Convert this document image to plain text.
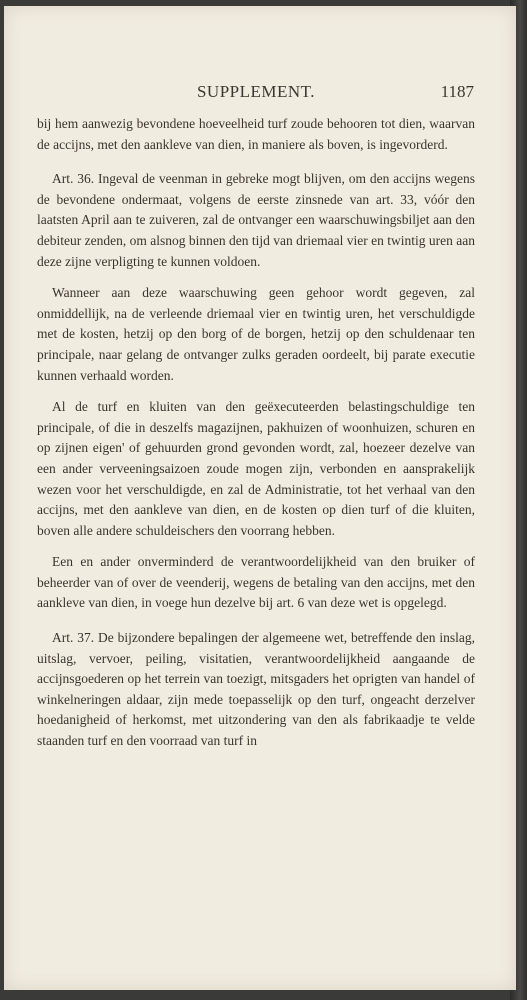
SUPPLEMENT.	1187

bij hem aanwezig bevondene hoeveelheid turf zoude behooren tot dien, waarvan de accijns, met den aankleve van dien, in maniere als boven, is ingevorderd.

Art. 36. Ingeval de veenman in gebreke mogt blijven, om den accijns wegens de bevondene ondermaat, volgens de eerste zinsnede van art. 33, vóór den laatsten April aan te zuiveren, zal de ontvanger een waarschuwingsbiljet aan den debiteur zenden, om alsnog binnen den tijd van driemaal vier en twintig uren aan deze zijne verpligting te kunnen voldoen.

Wanneer aan deze waarschuwing geen gehoor wordt gegeven, zal onmiddellijk, na de verleende driemaal vier en twintig uren, het verschuldigde met de kosten, hetzij op den borg of de borgen, hetzij op den schuldenaar ten principale, naar gelang de ontvanger zulks geraden oordeelt, bij parate executie kunnen verhaald worden.

Al de turf en kluiten van den geëxecuteerden belastingschuldige ten principale, of die in deszelfs magazijnen, pakhuizen of woonhuizen, schuren en op zijnen eigen' of gehuurden grond gevonden wordt, zal, hoezeer dezelve van een ander verveeningsaizoen zoude mogen zijn, verbonden en aansprakelijk wezen voor het verschuldigde, en zal de Administratie, tot het verhaal van den accijns, met den aankleve van dien, en de kosten op dien turf of die kluiten, boven alle andere schuldeischers den voorrang hebben.

Een en ander onverminderd de verantwoordelijkheid van den bruiker of beheerder van of over de veenderij, wegens de betaling van den accijns, met den aankleve van dien, in voege hun dezelve bij art. 6 van deze wet is opgelegd.

Art. 37. De bijzondere bepalingen der algemeene wet, betreffende den inslag, uitslag, vervoer, peiling, visitatien, verantwoordelijkheid aangaande de accijnsgoederen op het terrein van toezigt, mitsgaders het oprigten van handel of winkelneringen aldaar, zijn mede toepasselijk op den turf, ongeacht derzelver hoedanigheid of herkomst, met uitzondering van den als fabrikaadje te velde staanden turf en den voorraad van turf in
